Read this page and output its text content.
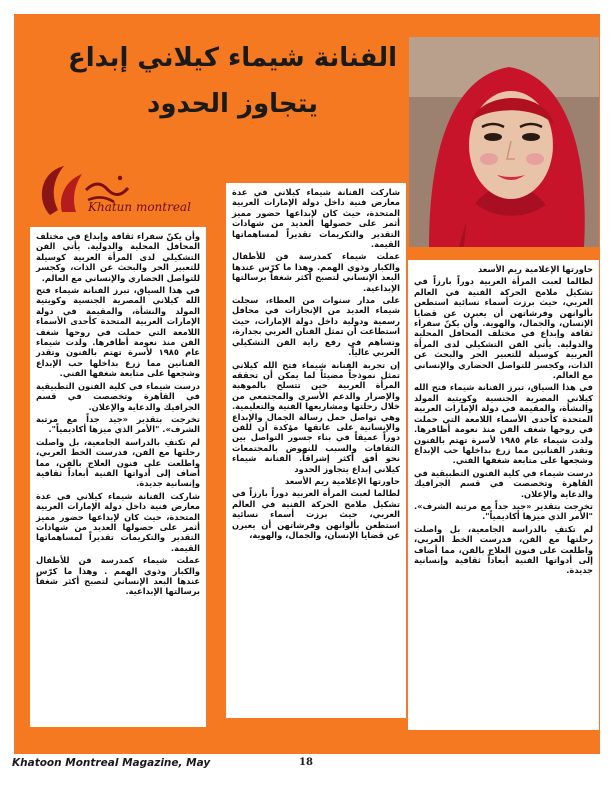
الفنانة شيماء كيلاني إبداع
يتجاوز الحدود
Khatun montreal

حاورتها الإعلامية ريم الأسعد

لطالما لعبت المرأة العربية دوراً بارزاً في تشكيل ملامح الحركة الفنية في العالم العربي، حيث برزت أسماء نسائية استطعن بألوانهن وفرشاتهن أن يعبرن عن قضايا الإنسان، والجمال، والهوية. وأن يكنّ سفراء ثقافة وإبداع في مختلف المحافل المحلية والدولية. يأتي الفن التشكيلي لدى المرأة العربية كوسيلة للتعبير الحر والبحث عن الذات، وكجسر للتواصل الحضاري والإنساني مع العالم.

في هذا السياق، تبرز الفنانة شيماء فتح الله كيلاني المصرية الجنسية وكويتية المولد والنشأة، والمقيمة في دولة الإمارات العربية المتحدة كأحدى الأسماء اللامعة التي حملت في روحها شغف الفن منذ نعومة أظافرها. ولدت شيماء عام ١٩٨٥ لأسرة تهتم بالفنون وتقدر الفنانين مما زرع بداخلها حب الإبداع وشجعها على متابعة شغفها الفني.

درست شيماء في كلية الفنون التطبيقية في القاهرة وتخصصت في قسم الجرافيك والدعاية والإعلان.

تخرجت بتقدير «جيد جداً مع مرتبة الشرف». "الأمر الذي ميزها أكاديمياً".

لم تكتفِ بالدراسة الجامعية، بل واصلت رحلتها مع الفن، فدرست الخط العربي، واطلعت على فنون العلاج بالفن، مما أضاف إلى أدواتها الفنية أبعاداً ثقافية وإنسانية جديدة.

شاركت الفنانة شيماء كيلاني في عدة معارض فنية داخل دولة الإمارات العربية المتحدة، حيث كان لإبداعها حضور مميز أثمر على حصولها العديد من شهادات التقدير والتكريمات تقديراً لمساهماتها القيمة.

عملت شيماء كمدرسة فن للأطفال والكبار وذوي الهمم. وهذا ما كرّس عندها البعد الإنساني لتصبح أكثر شغفاً برسالتها الإبداعية.

على مدار سنوات من العطاء، سجلت شيماء العديد من الإنجازات في محافل رسمية ودولية داخل دولة الإمارات، حيث استطاعت أن تمثل الفنان العربي بجدارة، وتساهم في رفع راية الفن التشكيلي العربي عالياً.

إن تجربة الفنانة شيماء فتح الله كيلاني تمثل نموذجاً مضيئاً لما يمكن أن تحققه المرأة العربية حين تتسلح بالموهبة والإصرار والدعم الأسري والمجتمعي من خلال رحلتها ومشاريعها الفنية والتعليمية. وهي تواصل حمل رسالة الجمال والإبداع والإنسانية على عاتقها مؤكدة أن للفن دوراً عميقاً في بناء جسور التواصل بين الثقافات والسبب للنهوض بالمجتمعات نحو أفق أكثر إشراقاً. الفنانة شيماء كيلاني إبداع يتجاوز الحدود

حاورتها الإعلامية ريم الأسعد

لطالما لعبت المرأة العربية دوراً بارزاً في تشكيل ملامح الحركة الفنية في العالم العربي، حيث برزت أسماء نسائية استطعن بألوانهن وفرشاتهن أن يعبرن عن قضايا الإنسان، والجمال، والهوية،

وأن يكنّ سفراء ثقافة وإبداع في مختلف المحافل المحلية والدولية. يأتي الفن التشكيلي لدى المرأة العربية كوسيلة للتعبير الحر والبحث عن الذات، وكجسر للتواصل الحضاري والإنساني مع العالم.

في هذا السياق، تبرز الفنانة شيماء فتح الله كيلاني المصرية الجنسية وكويتية المولد والنشأة، والمقيمة في دولة الإمارات العربية المتحدة كأحدى الأسماء اللامعة التي حملت في روحها شغف الفن منذ نعومة أظافرها. ولدت شيماء عام ١٩٨٥ لأسرة تهتم بالفنون وتقدر الفنانين مما زرع بداخلها حب الإبداع وشجعها على متابعة شغفها الفني.

درست شيماء في كلية الفنون التطبيقية في القاهرة وتخصصت في قسم الجرافيك والدعاية والإعلان.

تخرجت بتقدير «جيد جداً مع مرتبة الشرف». "الأمر الذي ميزها أكاديمياً".

لم تكتفِ بالدراسة الجامعية، بل واصلت رحلتها مع الفن، فدرست الخط العربي، واطلعت على فنون العلاج بالفن، مما أضاف إلى أدواتها الفنية أبعاداً ثقافية وإنسانية جديدة.

شاركت الفنانة شيماء كيلاني في عدة معارض فنية داخل دولة الإمارات العربية المتحدة، حيث كان لإبداعها حضور مميز أثمر على حصولها العديد من شهادات التقدير والتكريمات تقديراً لمساهماتها القيمة.

عملت شيماء كمدرسة فن للأطفال والكبار وذوي الهمم . وهذا ما كرّس عندها البعد الإنساني لتصبح أكثر شغفاً برسالتها الإبداعية.

Khatoon Montreal Magazine, May	18
